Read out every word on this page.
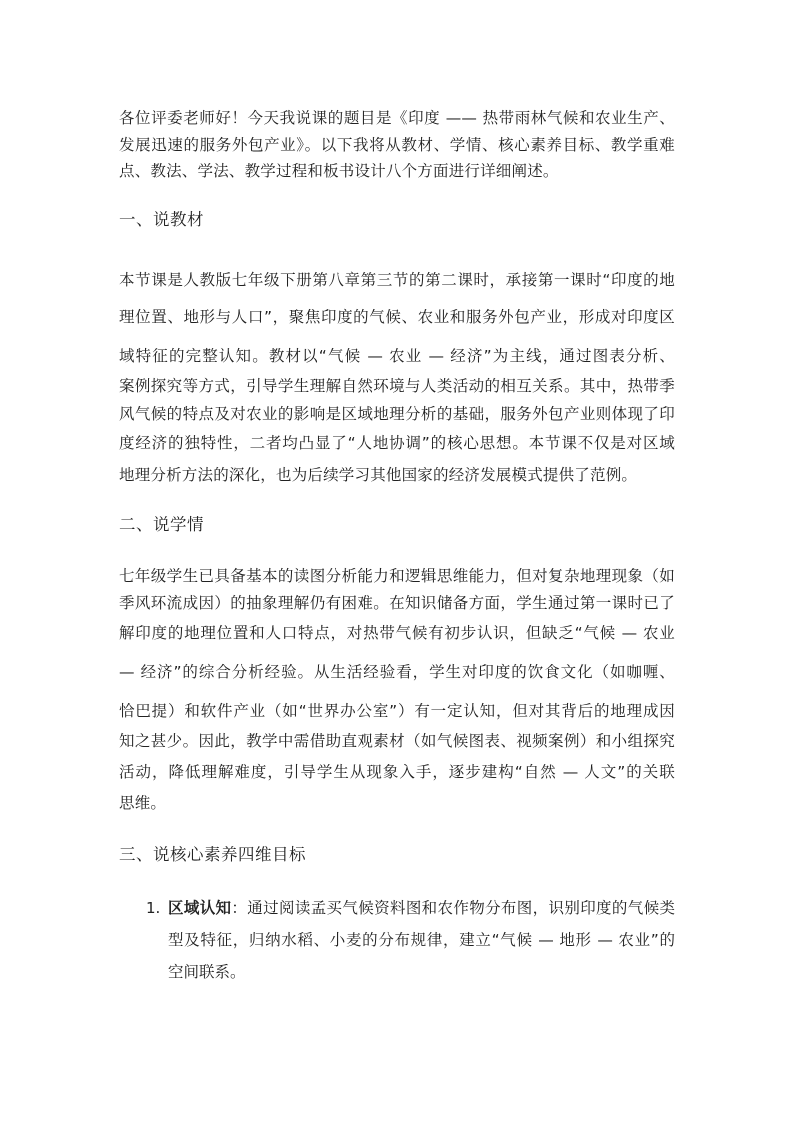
各位评委老师好！今天我说课的题目是《印度 —— 热带雨林气候和农业生产、
发展迅速的服务外包产业》。以下我将从教材、学情、核心素养目标、教学重难
点、教法、学法、教学过程和板书设计八个方面进行详细阐述。
一、说教材
本节课是人教版七年级下册第八章第三节的第二课时，承接第一课时“印度的地
理位置、地形与人口”，聚焦印度的气候、农业和服务外包产业，形成对印度区
域特征的完整认知。教材以“气候 — 农业 — 经济”为主线，通过图表分析、
案例探究等方式，引导学生理解自然环境与人类活动的相互关系。其中，热带季
风气候的特点及对农业的影响是区域地理分析的基础，服务外包产业则体现了印
度经济的独特性，二者均凸显了“人地协调”的核心思想。本节课不仅是对区域
地理分析方法的深化，也为后续学习其他国家的经济发展模式提供了范例。
二、说学情
七年级学生已具备基本的读图分析能力和逻辑思维能力，但对复杂地理现象（如
季风环流成因）的抽象理解仍有困难。在知识储备方面，学生通过第一课时已了
解印度的地理位置和人口特点，对热带气候有初步认识，但缺乏“气候 — 农业
— 经济”的综合分析经验。从生活经验看，学生对印度的饮食文化（如咖喱、
恰巴提）和软件产业（如“世界办公室”）有一定认知，但对其背后的地理成因
知之甚少。因此，教学中需借助直观素材（如气候图表、视频案例）和小组探究
活动，降低理解难度，引导学生从现象入手，逐步建构“自然 — 人文”的关联
思维。
三、说核心素养四维目标
1. 区域认知：通过阅读孟买气候资料图和农作物分布图，识别印度的气候类
型及特征，归纳水稻、小麦的分布规律，建立“气候 — 地形 — 农业”的
空间联系。
